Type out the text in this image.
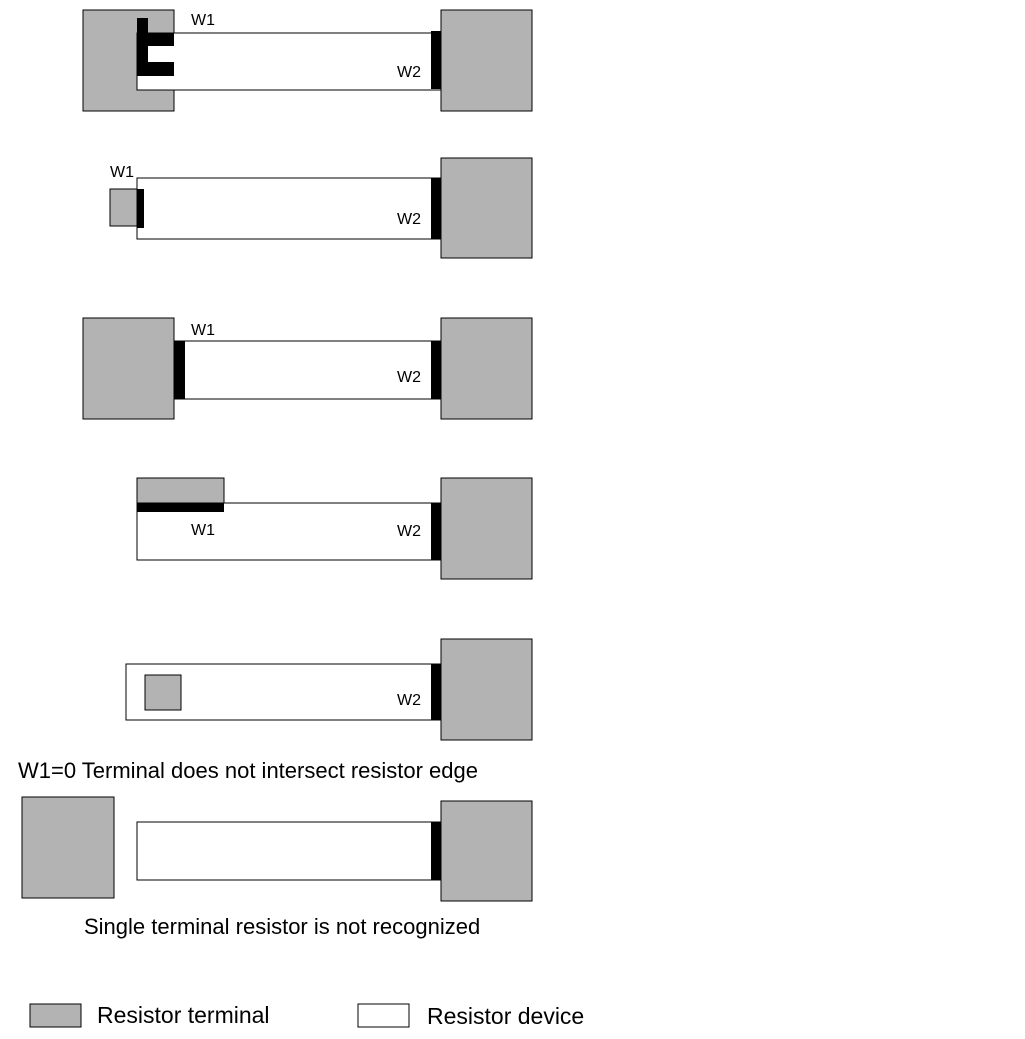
W1
W2
W1
W2
W1
W2
W1	W2
W2
W1=0 Terminal does not intersect resistor edge
Single terminal resistor is not recognized
Resistor terminal	Resistor device
